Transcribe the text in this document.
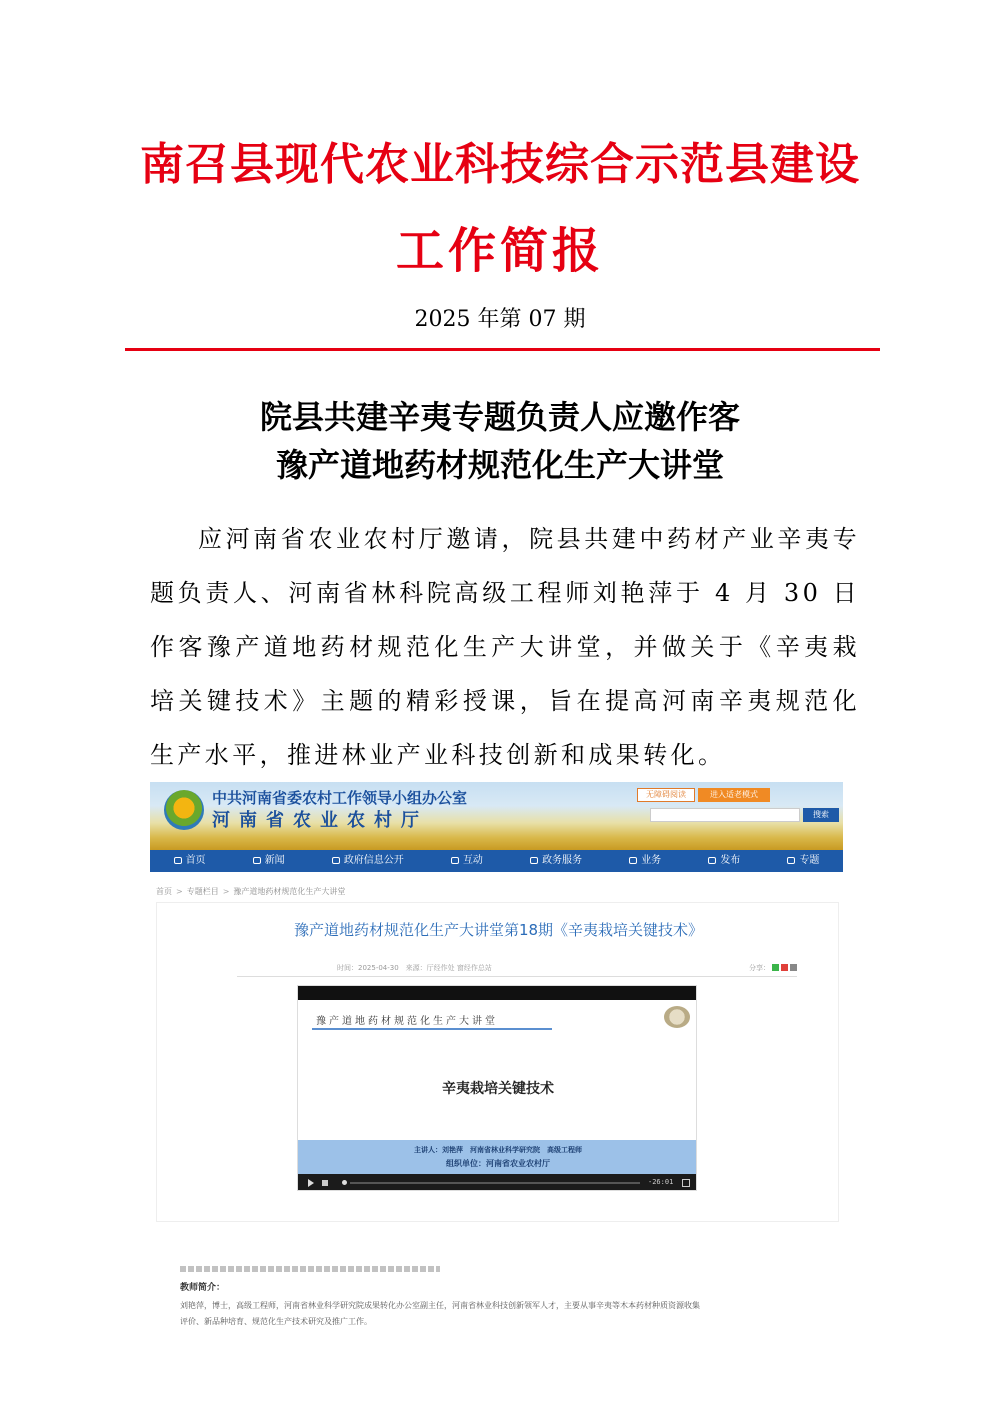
南召县现代农业科技综合示范县建设
工作简报
2025 年第 07 期
院县共建辛夷专题负责人应邀作客
豫产道地药材规范化生产大讲堂

应河南省农业农村厅邀请，院县共建中药材产业辛夷专题负责人、河南省林科院高级工程师刘艳萍于 4 月 30 日作客豫产道地药材规范化生产大讲堂，并做关于《辛夷栽培关键技术》主题的精彩授课，旨在提高河南辛夷规范化生产水平，推进林业产业科技创新和成果转化。

中共河南省委农村工作领导小组办公室
河南省农业农村厅
无障碍阅读	进入适老模式
搜索
首页	新闻	政府信息公开	互动	政务服务	业务	发布	专题
首页 > 专题栏目 > 豫产道地药材规范化生产大讲堂
豫产道地药材规范化生产大讲堂第18期《辛夷栽培关键技术》
时间：2025-04-30　来源：厅经作处 窗经作总站	分享：
豫产道地药材规范化生产大讲堂
辛夷栽培关键技术
主讲人：刘艳萍　河南省林业科学研究院　高级工程师
组织单位：河南省农业农村厅
-26:01
教师简介：
刘艳萍，博士，高级工程师，河南省林业科学研究院成果转化办公室副主任，河南省林业科技创新领军人才，主要从事辛夷等木本药材种质资源收集
评价、新品种培育、规范化生产技术研究及推广工作。
